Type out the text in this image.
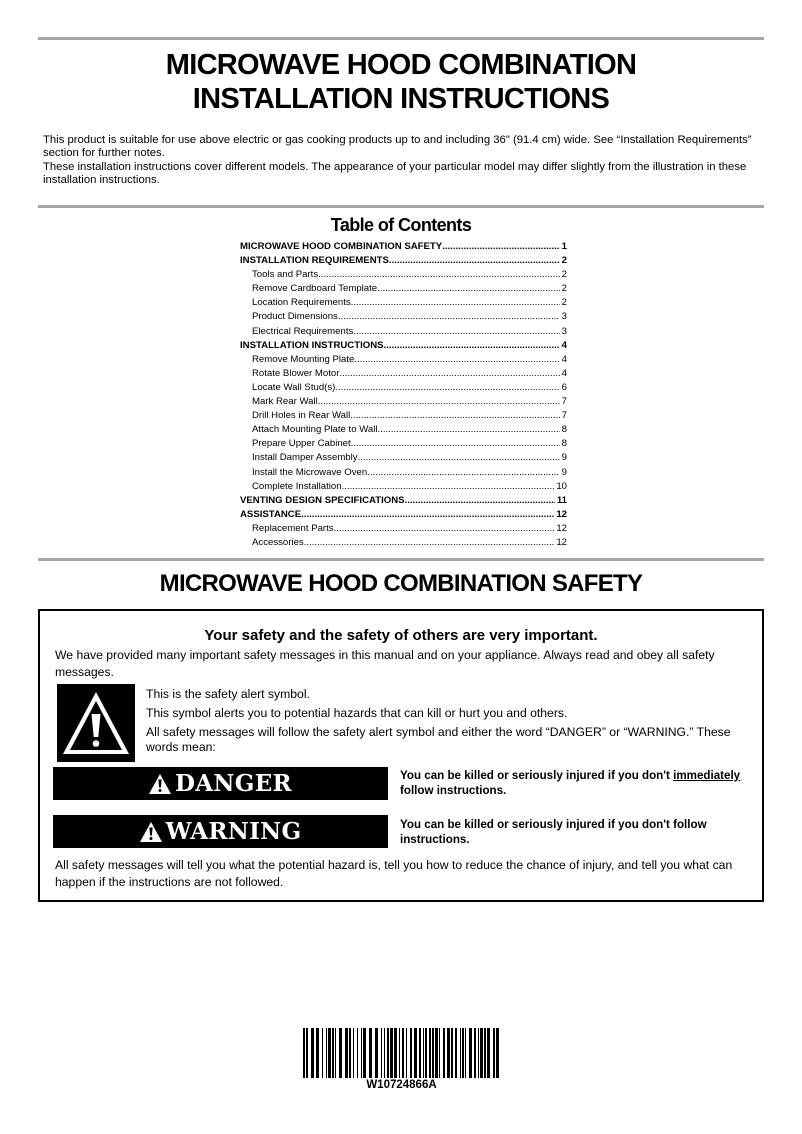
MICROWAVE HOOD COMBINATION
INSTALLATION INSTRUCTIONS

This product is suitable for use above electric or gas cooking products up to and including 36" (91.4 cm) wide. See “Installation Requirements” section for further notes.

These installation instructions cover different models. The appearance of your particular model may differ slightly from the illustration in these installation instructions.

Table of Contents
MICROWAVE HOOD COMBINATION SAFETY .....	1
INSTALLATION REQUIREMENTS .....	2
Tools and Parts .....	2
Remove Cardboard Template .....	2
Location Requirements .....	2
Product Dimensions .....	3
Electrical Requirements .....	3
INSTALLATION INSTRUCTIONS .....	4
Remove Mounting Plate .....	4
Rotate Blower Motor .....	4
Locate Wall Stud(s) .....	6
Mark Rear Wall .....	7
Drill Holes in Rear Wall .....	7
Attach Mounting Plate to Wall .....	8
Prepare Upper Cabinet .....	8
Install Damper Assembly .....	9
Install the Microwave Oven .....	9
Complete Installation .....	10
VENTING DESIGN SPECIFICATIONS .....	11
ASSISTANCE .....	12
Replacement Parts .....	12
Accessories .....	12
MICROWAVE HOOD COMBINATION SAFETY
Your safety and the safety of others are very important.
We have provided many important safety messages in this manual and on your appliance. Always read and obey all safety messages.
This is the safety alert symbol.
This symbol alerts you to potential hazards that can kill or hurt you and others.
All safety messages will follow the safety alert symbol and either the word “DANGER” or “WARNING.” These words mean:
DANGER	You can be killed or seriously injured if you don't immediately follow instructions.
WARNING	You can be killed or seriously injured if you don't follow instructions.
All safety messages will tell you what the potential hazard is, tell you how to reduce the chance of injury, and tell you what can happen if the instructions are not followed.
W10724866A
